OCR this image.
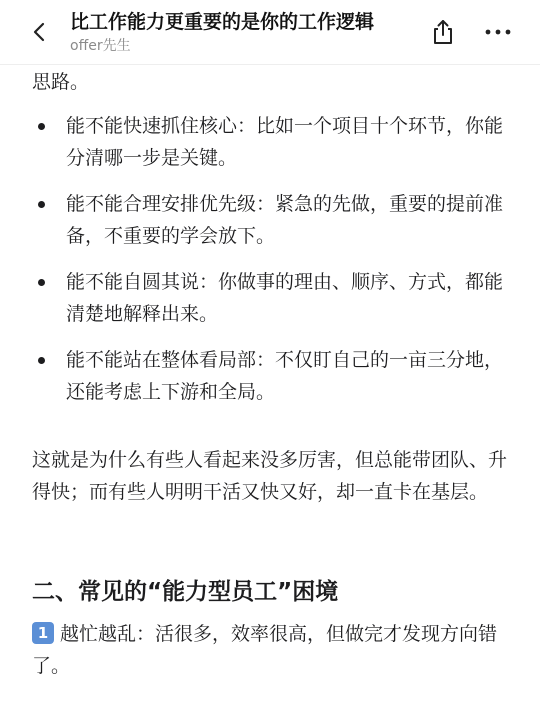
比工作能力更重要的是你的工作逻辑
offer先生

思路。

能不能快速抓住核心：比如一个项目十个环节，你能分清哪一步是关键。
能不能合理安排优先级：紧急的先做，重要的提前准备，不重要的学会放下。
能不能自圆其说：你做事的理由、顺序、方式，都能清楚地解释出来。
能不能站在整体看局部：不仅盯自己的一亩三分地，还能考虑上下游和全局。

这就是为什么有些人看起来没多厉害，但总能带团队、升得快；而有些人明明干活又快又好，却一直卡在基层。

二、常见的“能力型员工”困境

1 越忙越乱：活很多，效率很高，但做完才发现方向错了。
